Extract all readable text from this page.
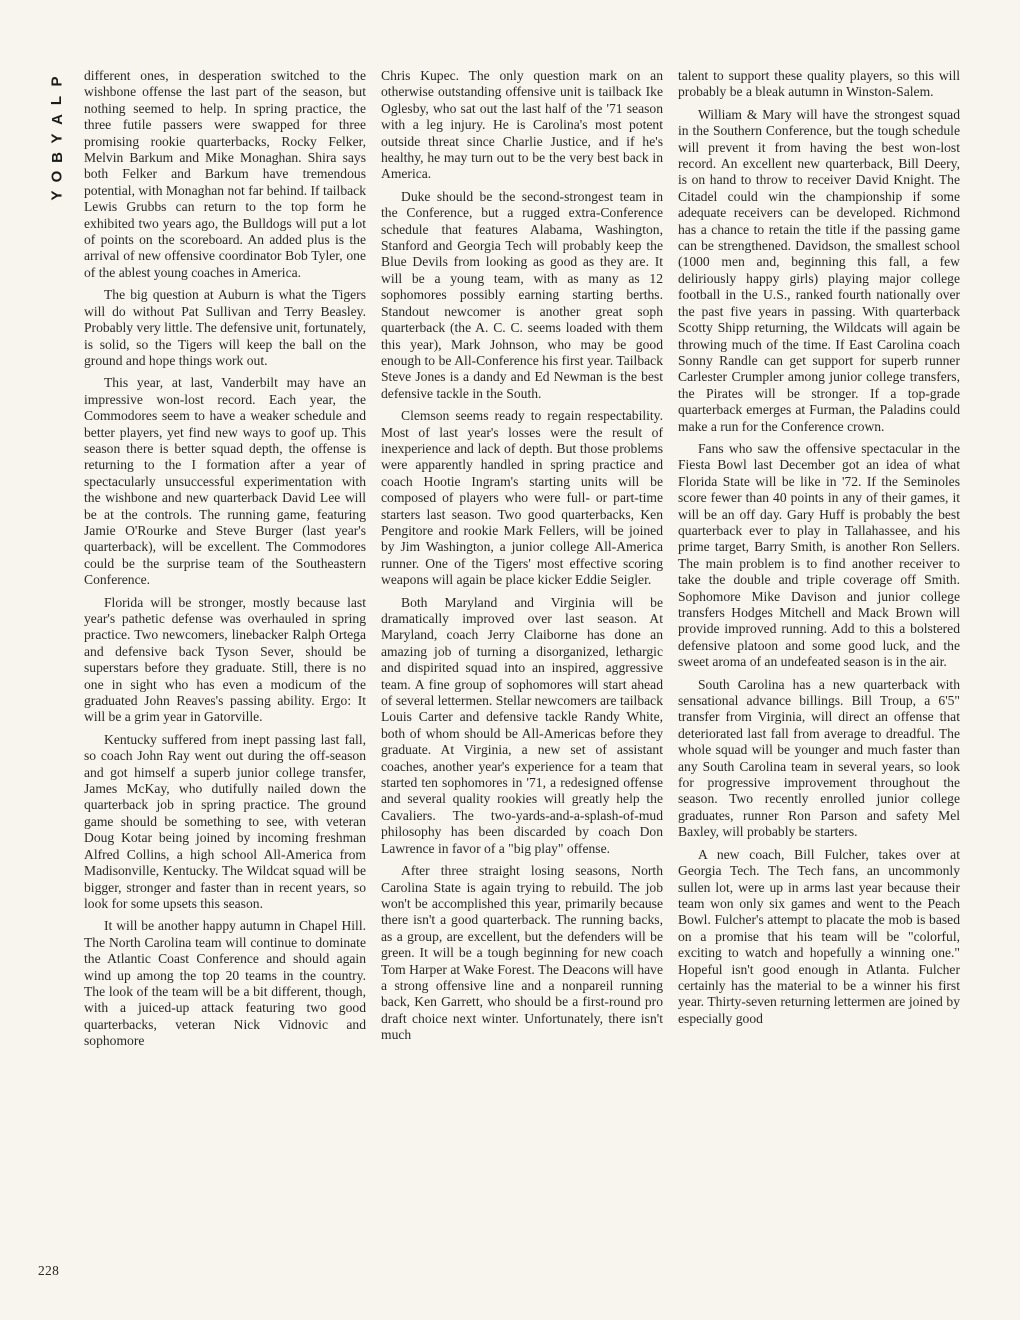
P
L
A
Y
B
O
Y
228

different ones, in desperation switched to the wishbone offense the last part of the season, but nothing seemed to help. In spring practice, the three futile passers were swapped for three promising rookie quarterbacks, Rocky Felker, Melvin Barkum and Mike Monaghan. Shira says both Felker and Barkum have tremendous potential, with Monaghan not far behind. If tailback Lewis Grubbs can return to the top form he exhibited two years ago, the Bulldogs will put a lot of points on the scoreboard. An added plus is the arrival of new offensive coordinator Bob Tyler, one of the ablest young coaches in America.

The big question at Auburn is what the Tigers will do without Pat Sullivan and Terry Beasley. Probably very little. The defensive unit, fortunately, is solid, so the Tigers will keep the ball on the ground and hope things work out.

This year, at last, Vanderbilt may have an impressive won-lost record. Each year, the Commodores seem to have a weaker schedule and better players, yet find new ways to goof up. This season there is better squad depth, the offense is returning to the I formation after a year of spectacularly unsuccessful experimentation with the wishbone and new quarterback David Lee will be at the controls. The running game, featuring Jamie O'Rourke and Steve Burger (last year's quarterback), will be excellent. The Commodores could be the surprise team of the Southeastern Conference.

Florida will be stronger, mostly because last year's pathetic defense was overhauled in spring practice. Two newcomers, linebacker Ralph Ortega and defensive back Tyson Sever, should be superstars before they graduate. Still, there is no one in sight who has even a modicum of the graduated John Reaves's passing ability. Ergo: It will be a grim year in Gatorville.

Kentucky suffered from inept passing last fall, so coach John Ray went out during the off-season and got himself a superb junior college transfer, James McKay, who dutifully nailed down the quarterback job in spring practice. The ground game should be something to see, with veteran Doug Kotar being joined by incoming freshman Alfred Collins, a high school All-America from Madisonville, Kentucky. The Wildcat squad will be bigger, stronger and faster than in recent years, so look for some upsets this season.

It will be another happy autumn in Chapel Hill. The North Carolina team will continue to dominate the Atlantic Coast Conference and should again wind up among the top 20 teams in the country. The look of the team will be a bit different, though, with a juiced-up attack featuring two good quarterbacks, veteran Nick Vidnovic and sophomore

Chris Kupec. The only question mark on an otherwise outstanding offensive unit is tailback Ike Oglesby, who sat out the last half of the '71 season with a leg injury. He is Carolina's most potent outside threat since Charlie Justice, and if he's healthy, he may turn out to be the very best back in America.

Duke should be the second-strongest team in the Conference, but a rugged extra-Conference schedule that features Alabama, Washington, Stanford and Georgia Tech will probably keep the Blue Devils from looking as good as they are. It will be a young team, with as many as 12 sophomores possibly earning starting berths. Standout newcomer is another great soph quarterback (the A. C. C. seems loaded with them this year), Mark Johnson, who may be good enough to be All-Conference his first year. Tailback Steve Jones is a dandy and Ed Newman is the best defensive tackle in the South.

Clemson seems ready to regain respectability. Most of last year's losses were the result of inexperience and lack of depth. But those problems were apparently handled in spring practice and coach Hootie Ingram's starting units will be composed of players who were full- or part-time starters last season. Two good quarterbacks, Ken Pengitore and rookie Mark Fellers, will be joined by Jim Washington, a junior college All-America runner. One of the Tigers' most effective scoring weapons will again be place kicker Eddie Seigler.

Both Maryland and Virginia will be dramatically improved over last season. At Maryland, coach Jerry Claiborne has done an amazing job of turning a disorganized, lethargic and dispirited squad into an inspired, aggressive team. A fine group of sophomores will start ahead of several lettermen. Stellar newcomers are tailback Louis Carter and defensive tackle Randy White, both of whom should be All-Americas before they graduate. At Virginia, a new set of assistant coaches, another year's experience for a team that started ten sophomores in '71, a redesigned offense and several quality rookies will greatly help the Cavaliers. The two-yards-and-a-splash-of-mud philosophy has been discarded by coach Don Lawrence in favor of a "big play" offense.

After three straight losing seasons, North Carolina State is again trying to rebuild. The job won't be accomplished this year, primarily because there isn't a good quarterback. The running backs, as a group, are excellent, but the defenders will be green. It will be a tough beginning for new coach Tom Harper at Wake Forest. The Deacons will have a strong offensive line and a nonpareil running back, Ken Garrett, who should be a first-round pro draft choice next winter. Unfortunately, there isn't much

talent to support these quality players, so this will probably be a bleak autumn in Winston-Salem.

William & Mary will have the strongest squad in the Southern Conference, but the tough schedule will prevent it from having the best won-lost record. An excellent new quarterback, Bill Deery, is on hand to throw to receiver David Knight. The Citadel could win the championship if some adequate receivers can be developed. Richmond has a chance to retain the title if the passing game can be strengthened. Davidson, the smallest school (1000 men and, beginning this fall, a few deliriously happy girls) playing major college football in the U.S., ranked fourth nationally over the past five years in passing. With quarterback Scotty Shipp returning, the Wildcats will again be throwing much of the time. If East Carolina coach Sonny Randle can get support for superb runner Carlester Crumpler among junior college transfers, the Pirates will be stronger. If a top-grade quarterback emerges at Furman, the Paladins could make a run for the Conference crown.

Fans who saw the offensive spectacular in the Fiesta Bowl last December got an idea of what Florida State will be like in '72. If the Seminoles score fewer than 40 points in any of their games, it will be an off day. Gary Huff is probably the best quarterback ever to play in Tallahassee, and his prime target, Barry Smith, is another Ron Sellers. The main problem is to find another receiver to take the double and triple coverage off Smith. Sophomore Mike Davison and junior college transfers Hodges Mitchell and Mack Brown will provide improved running. Add to this a bolstered defensive platoon and some good luck, and the sweet aroma of an undefeated season is in the air.

South Carolina has a new quarterback with sensational advance billings. Bill Troup, a 6'5" transfer from Virginia, will direct an offense that deteriorated last fall from average to dreadful. The whole squad will be younger and much faster than any South Carolina team in several years, so look for progressive improvement throughout the season. Two recently enrolled junior college graduates, runner Ron Parson and safety Mel Baxley, will probably be starters.

A new coach, Bill Fulcher, takes over at Georgia Tech. The Tech fans, an uncommonly sullen lot, were up in arms last year because their team won only six games and went to the Peach Bowl. Fulcher's attempt to placate the mob is based on a promise that his team will be "colorful, exciting to watch and hopefully a winning one." Hopeful isn't good enough in Atlanta. Fulcher certainly has the material to be a winner his first year. Thirty-seven returning lettermen are joined by especially good
